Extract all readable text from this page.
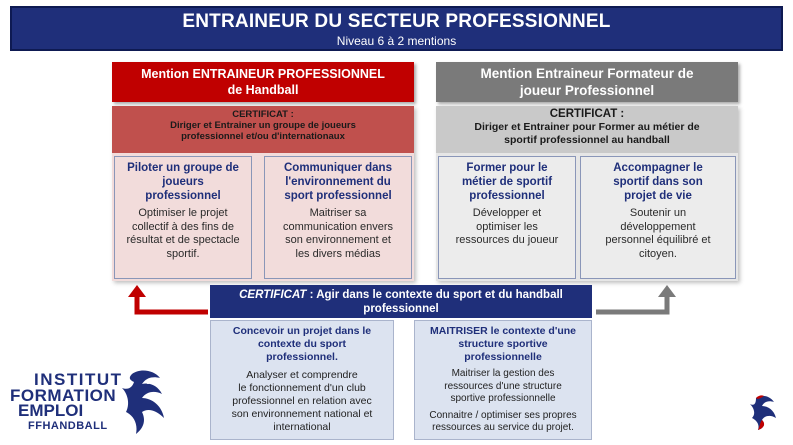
ENTRAINEUR DU SECTEUR PROFESSIONNEL
Niveau 6 à 2 mentions
Mention ENTRAINEUR PROFESSIONNEL
de Handball
Mention Entraineur Formateur de
joueur Professionnel
CERTIFICAT :
Diriger et Entrainer un groupe de joueurs
professionnel et/ou d'internationaux
CERTIFICAT :
Diriger et Entrainer pour Former au métier de
sportif professionnel au handball
Piloter un groupe de
joueurs
professionnel
Optimiser le projet
collectif à des fins de
résultat et de spectacle
sportif.
Communiquer dans
l'environnement du
sport professionnel
Maitriser sa
communication envers
son environnement et
les divers médias
Former pour le
métier de sportif
professionnel
Développer et
optimiser les
ressources du joueur
Accompagner le
sportif dans son
projet de vie
Soutenir un
développement
personnel équilibré et
citoyen.
CERTIFICAT : Agir dans le contexte du sport et du handball
professionnel
Concevoir un projet dans le
contexte du sport
professionnel.
Analyser et comprendre
le fonctionnement d'un club
professionnel en relation avec
son environnement national et
international
MAITRISER le contexte d'une
structure sportive
professionnelle
Maitriser la gestion des
ressources d'une structure
sportive professionnelle
Connaitre / optimiser ses propres
ressources au service du projet.
INSTITUT
FORMATION
EMPLOI
FFHANDBALL
